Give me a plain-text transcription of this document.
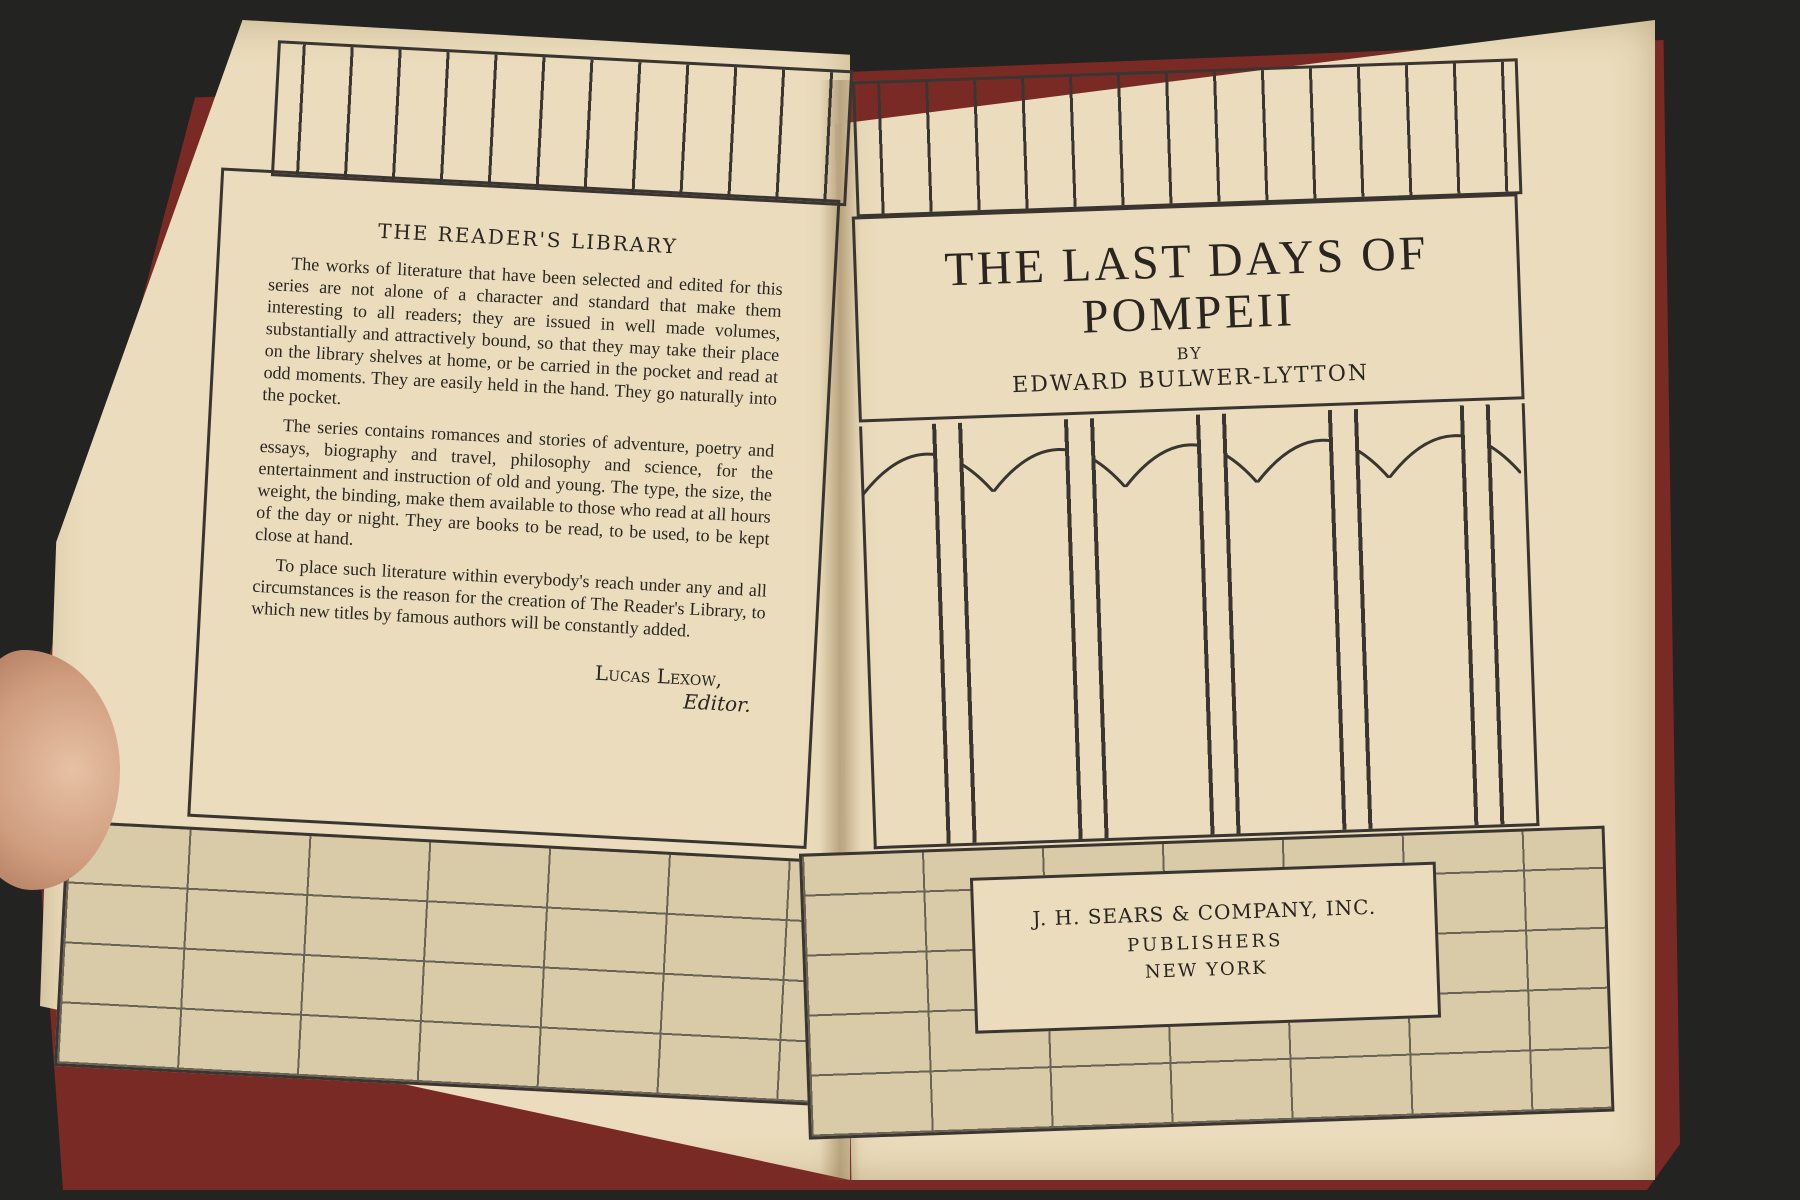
THE READER'S LIBRARY

The works of literature that have been selected and edited for this series are not alone of a character and standard that make them interesting to all readers; they are issued in well made volumes, substantially and attractively bound, so that they may take their place on the library shelves at home, or be carried in the pocket and read at odd moments. They are easily held in the hand. They go naturally into the pocket.

The series contains romances and stories of adventure, poetry and essays, biography and travel, philosophy and science, for the entertainment and instruction of old and young. The type, the size, the weight, the binding, make them available to those who read at all hours of the day or night. They are books to be read, to be used, to be kept close at hand.

To place such literature within everybody's reach under any and all circumstances is the reason for the creation of The Reader's Library, to which new titles by famous authors will be constantly added.

Lucas Lexow,

Editor.

THE LAST DAYS OF
POMPEII
BY
EDWARD BULWER-LYTTON
J. H. SEARS & COMPANY, INC.
PUBLISHERS
NEW YORK
